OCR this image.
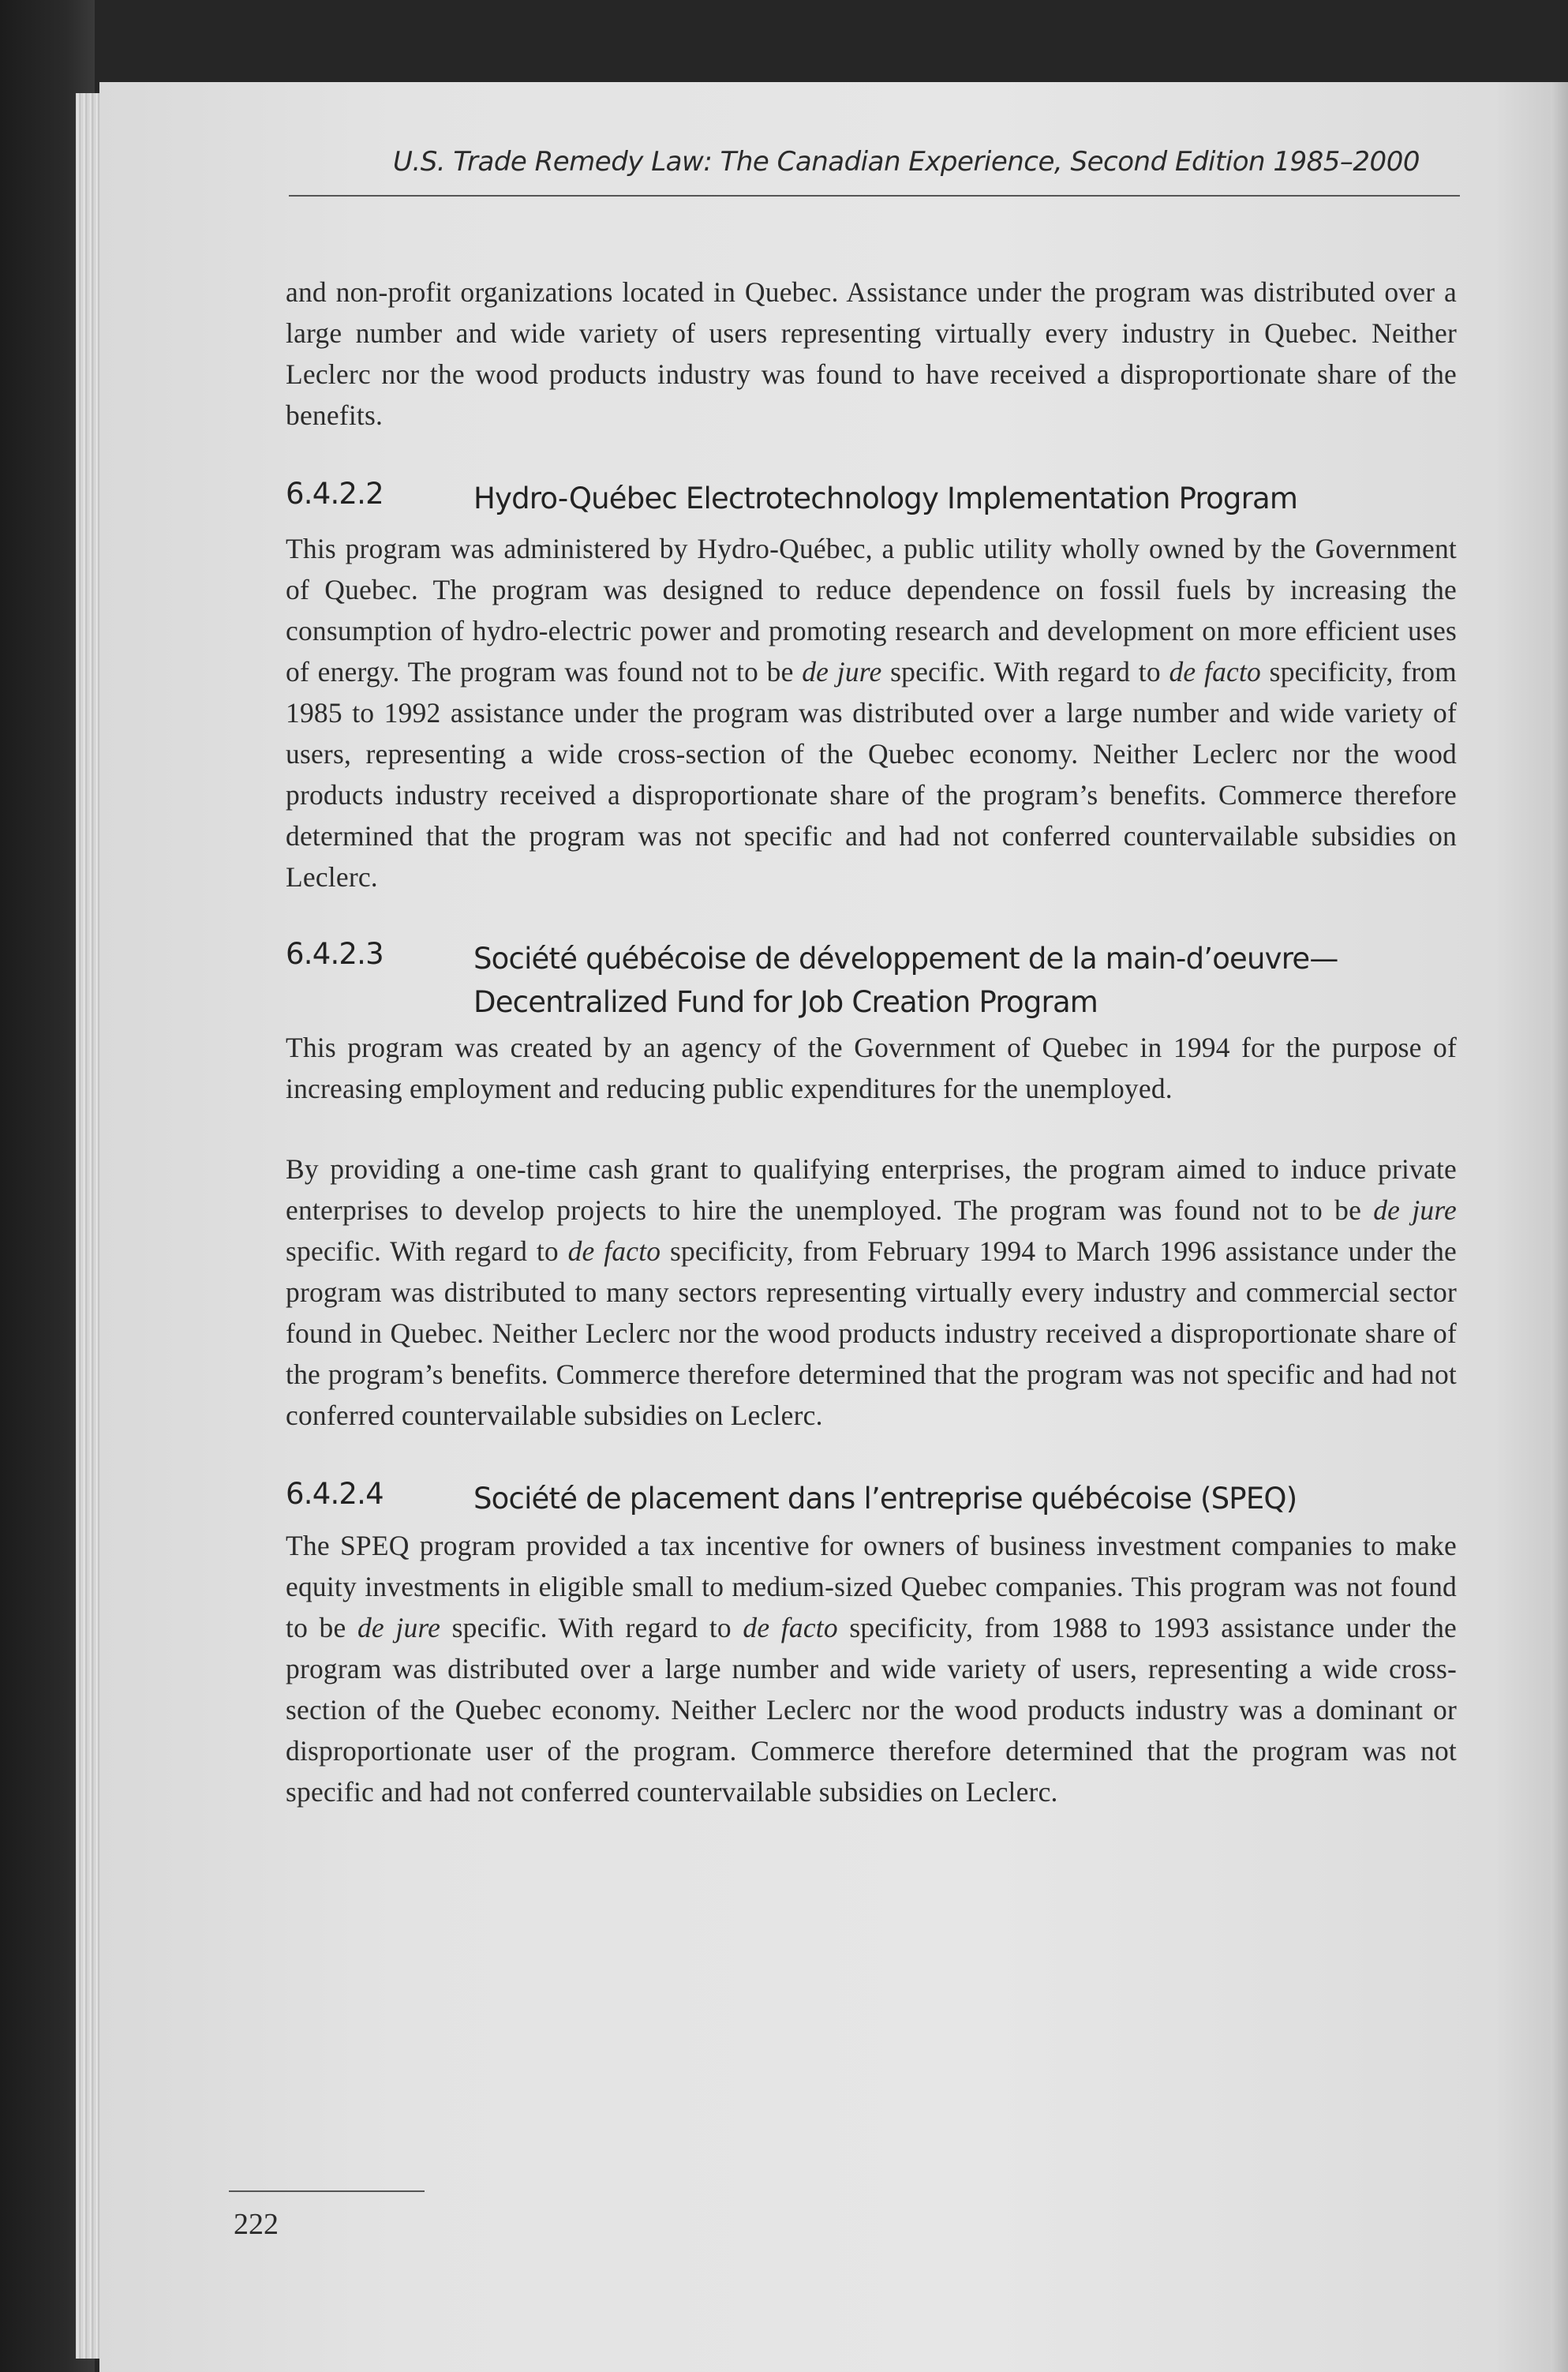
U.S. Trade Remedy Law: The Canadian Experience, Second Edition 1985–2000

and non-profit organizations located in Quebec. Assistance under the program was distributed over a large number and wide variety of users representing virtually every industry in Quebec. Neither Leclerc nor the wood products industry was found to have received a disproportionate share of the benefits.

6.4.2.2	Hydro-Québec Electrotechnology Implementation Program

This program was administered by Hydro-Québec, a public utility wholly owned by the Government of Quebec. The program was designed to reduce dependence on fossil fuels by increasing the consumption of hydro-electric power and promoting research and development on more efficient uses of energy. The program was found not to be de jure specific. With regard to de facto specificity, from 1985 to 1992 assistance under the program was distributed over a large number and wide variety of users, representing a wide cross-section of the Quebec economy. Neither Leclerc nor the wood products industry received a disproportionate share of the program’s benefits. Commerce therefore determined that the program was not specific and had not conferred countervailable subsidies on Leclerc.

6.4.2.3	Société québécoise de développement de la main-d’oeuvre—Decentralized Fund for Job Creation Program

This program was created by an agency of the Government of Quebec in 1994 for the purpose of increasing employment and reducing public expenditures for the unemployed.

By providing a one-time cash grant to qualifying enterprises, the program aimed to induce private enterprises to develop projects to hire the unemployed. The program was found not to be de jure specific. With regard to de facto specificity, from February 1994 to March 1996 assistance under the program was distributed to many sectors representing virtually every industry and commercial sector found in Quebec. Neither Leclerc nor the wood products industry received a disproportionate share of the program’s benefits. Commerce therefore determined that the program was not specific and had not conferred countervailable subsidies on Leclerc.

6.4.2.4	Société de placement dans l’entreprise québécoise (SPEQ)

The SPEQ program provided a tax incentive for owners of business investment companies to make equity investments in eligible small to medium-sized Quebec companies. This program was not found to be de jure specific. With regard to de facto specificity, from 1988 to 1993 assistance under the program was distributed over a large number and wide variety of users, representing a wide cross-section of the Quebec economy. Neither Leclerc nor the wood products industry was a dominant or disproportionate user of the program. Commerce therefore determined that the program was not specific and had not conferred countervailable subsidies on Leclerc.

222
